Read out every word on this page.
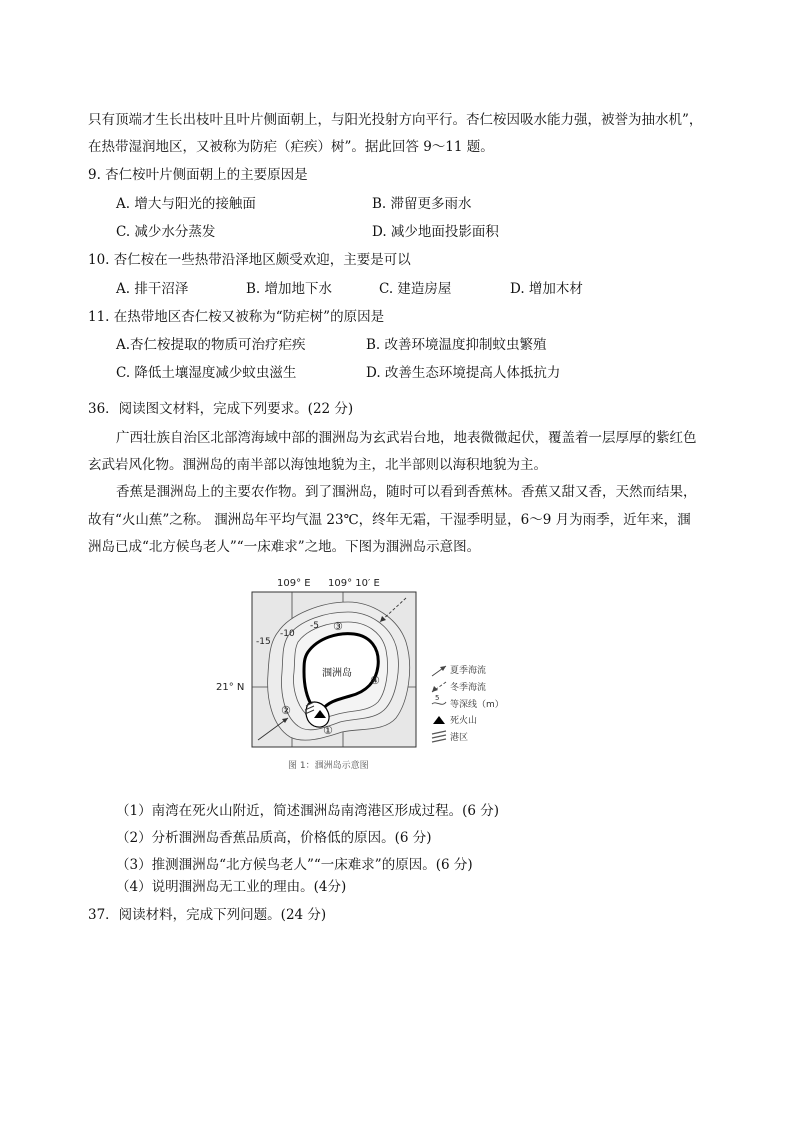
只有顶端才生长出枝叶且叶片侧面朝上，与阳光投射方向平行。杏仁桉因吸水能力强，被誉为抽水机”，
在热带湿润地区，又被称为防疟（疟疾）树”。据此回答 9～11 题。
9. 杏仁桉叶片侧面朝上的主要原因是
A. 增大与阳光的接触面	B. 滞留更多雨水
C. 减少水分蒸发	D. 减少地面投影面积
10. 杏仁桉在一些热带沿泽地区颇受欢迎，主要是可以
A. 排干沼泽	B. 增加地下水	C. 建造房屋	D. 增加木材
11. 在热带地区杏仁桉又被称为“防疟树”的原因是
A.杏仁桉提取的物质可治疗疟疾	B. 改善环境温度抑制蚊虫繁殖
C. 降低土壤湿度减少蚊虫滋生	D. 改善生态环境提高人体抵抗力
36．阅读图文材料，完成下列要求。(22 分)
广西壮族自治区北部湾海域中部的涠洲岛为玄武岩台地，地表微微起伏，覆盖着一层厚厚的紫红色
玄武岩风化物。涠洲岛的南半部以海蚀地貌为主，北半部则以海积地貌为主。
香蕉是涠洲岛上的主要农作物。到了涠洲岛，随时可以看到香蕉林。香蕉又甜又香，天然而结果，
故有“火山蕉”之称。 涠洲岛年平均气温 23℃，终年无霜，干湿季明显，6～9 月为雨季，近年来，涠
洲岛已成“北方候鸟老人”“一床难求”之地。下图为涠洲岛示意图。
109° E 109° 10′ E
21° N
涠洲岛
-15
-10
-5 ③
④
②
①
夏季海流
冬季海流
5
等深线（m）
死火山
港区
图 1：涠洲岛示意图
（1）南湾在死火山附近，简述涠洲岛南湾港区形成过程。(6 分)
（2）分析涠洲岛香蕉品质高，价格低的原因。(6 分)
（3）推测涠洲岛“北方候鸟老人”“一床难求”的原因。(6 分)
（4）说明涠洲岛无工业的理由。(4分)
37．阅读材料，完成下列问题。(24 分)
